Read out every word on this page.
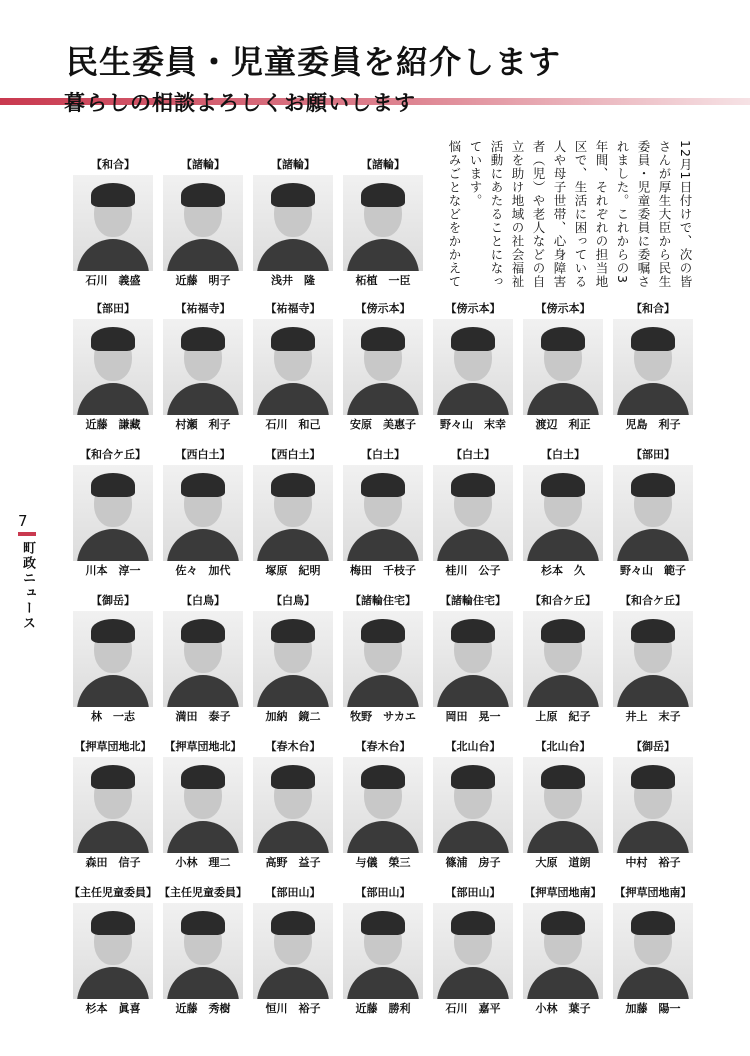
民生委員・児童委員を紹介します
暮らしの相談よろしくお願いします

12月1日付けで、次の皆さんが厚生大臣から民生委員・児童委員に委嘱されました。これからの3年間、それぞれの担当地区で、生活に困っている人や母子世帯、心身障害者（児）や老人などの自立を助け地域の社会福祉活動にあたることになっています。

悩みごとなどをかかえて

7
町政ニュース
【和合】
石川　義盛
【諸輪】
近藤　明子
【諸輪】
浅井　隆
【諸輪】
柘植　一臣
【部田】
近藤　謙藏
【祐福寺】
村瀬　利子
【祐福寺】
石川　和己
【傍示本】
安原　美惠子
【傍示本】
野々山　末幸
【傍示本】
渡辺　利正
【和合】
児島　利子
【和合ケ丘】
川本　淳一
【西白土】
佐々　加代
【西白土】
塚原　紀明
【白土】
梅田　千枝子
【白土】
桂川　公子
【白土】
杉本　久
【部田】
野々山　範子
【御岳】
林　一志
【白鳥】
満田　泰子
【白鳥】
加納　鏡二
【諸輪住宅】
牧野　サカエ
【諸輪住宅】
岡田　晃一
【和合ケ丘】
上原　紀子
【和合ケ丘】
井上　末子
【押草団地北】
森田　信子
【押草団地北】
小林　理二
【春木台】
高野　益子
【春木台】
与儀　榮三
【北山台】
篠浦　房子
【北山台】
大原　道朗
【御岳】
中村　裕子
【主任児童委員】
杉本　眞喜
【主任児童委員】
近藤　秀樹
【部田山】
恒川　裕子
【部田山】
近藤　勝利
【部田山】
石川　嘉平
【押草団地南】
小林　葉子
【押草団地南】
加藤　陽一
